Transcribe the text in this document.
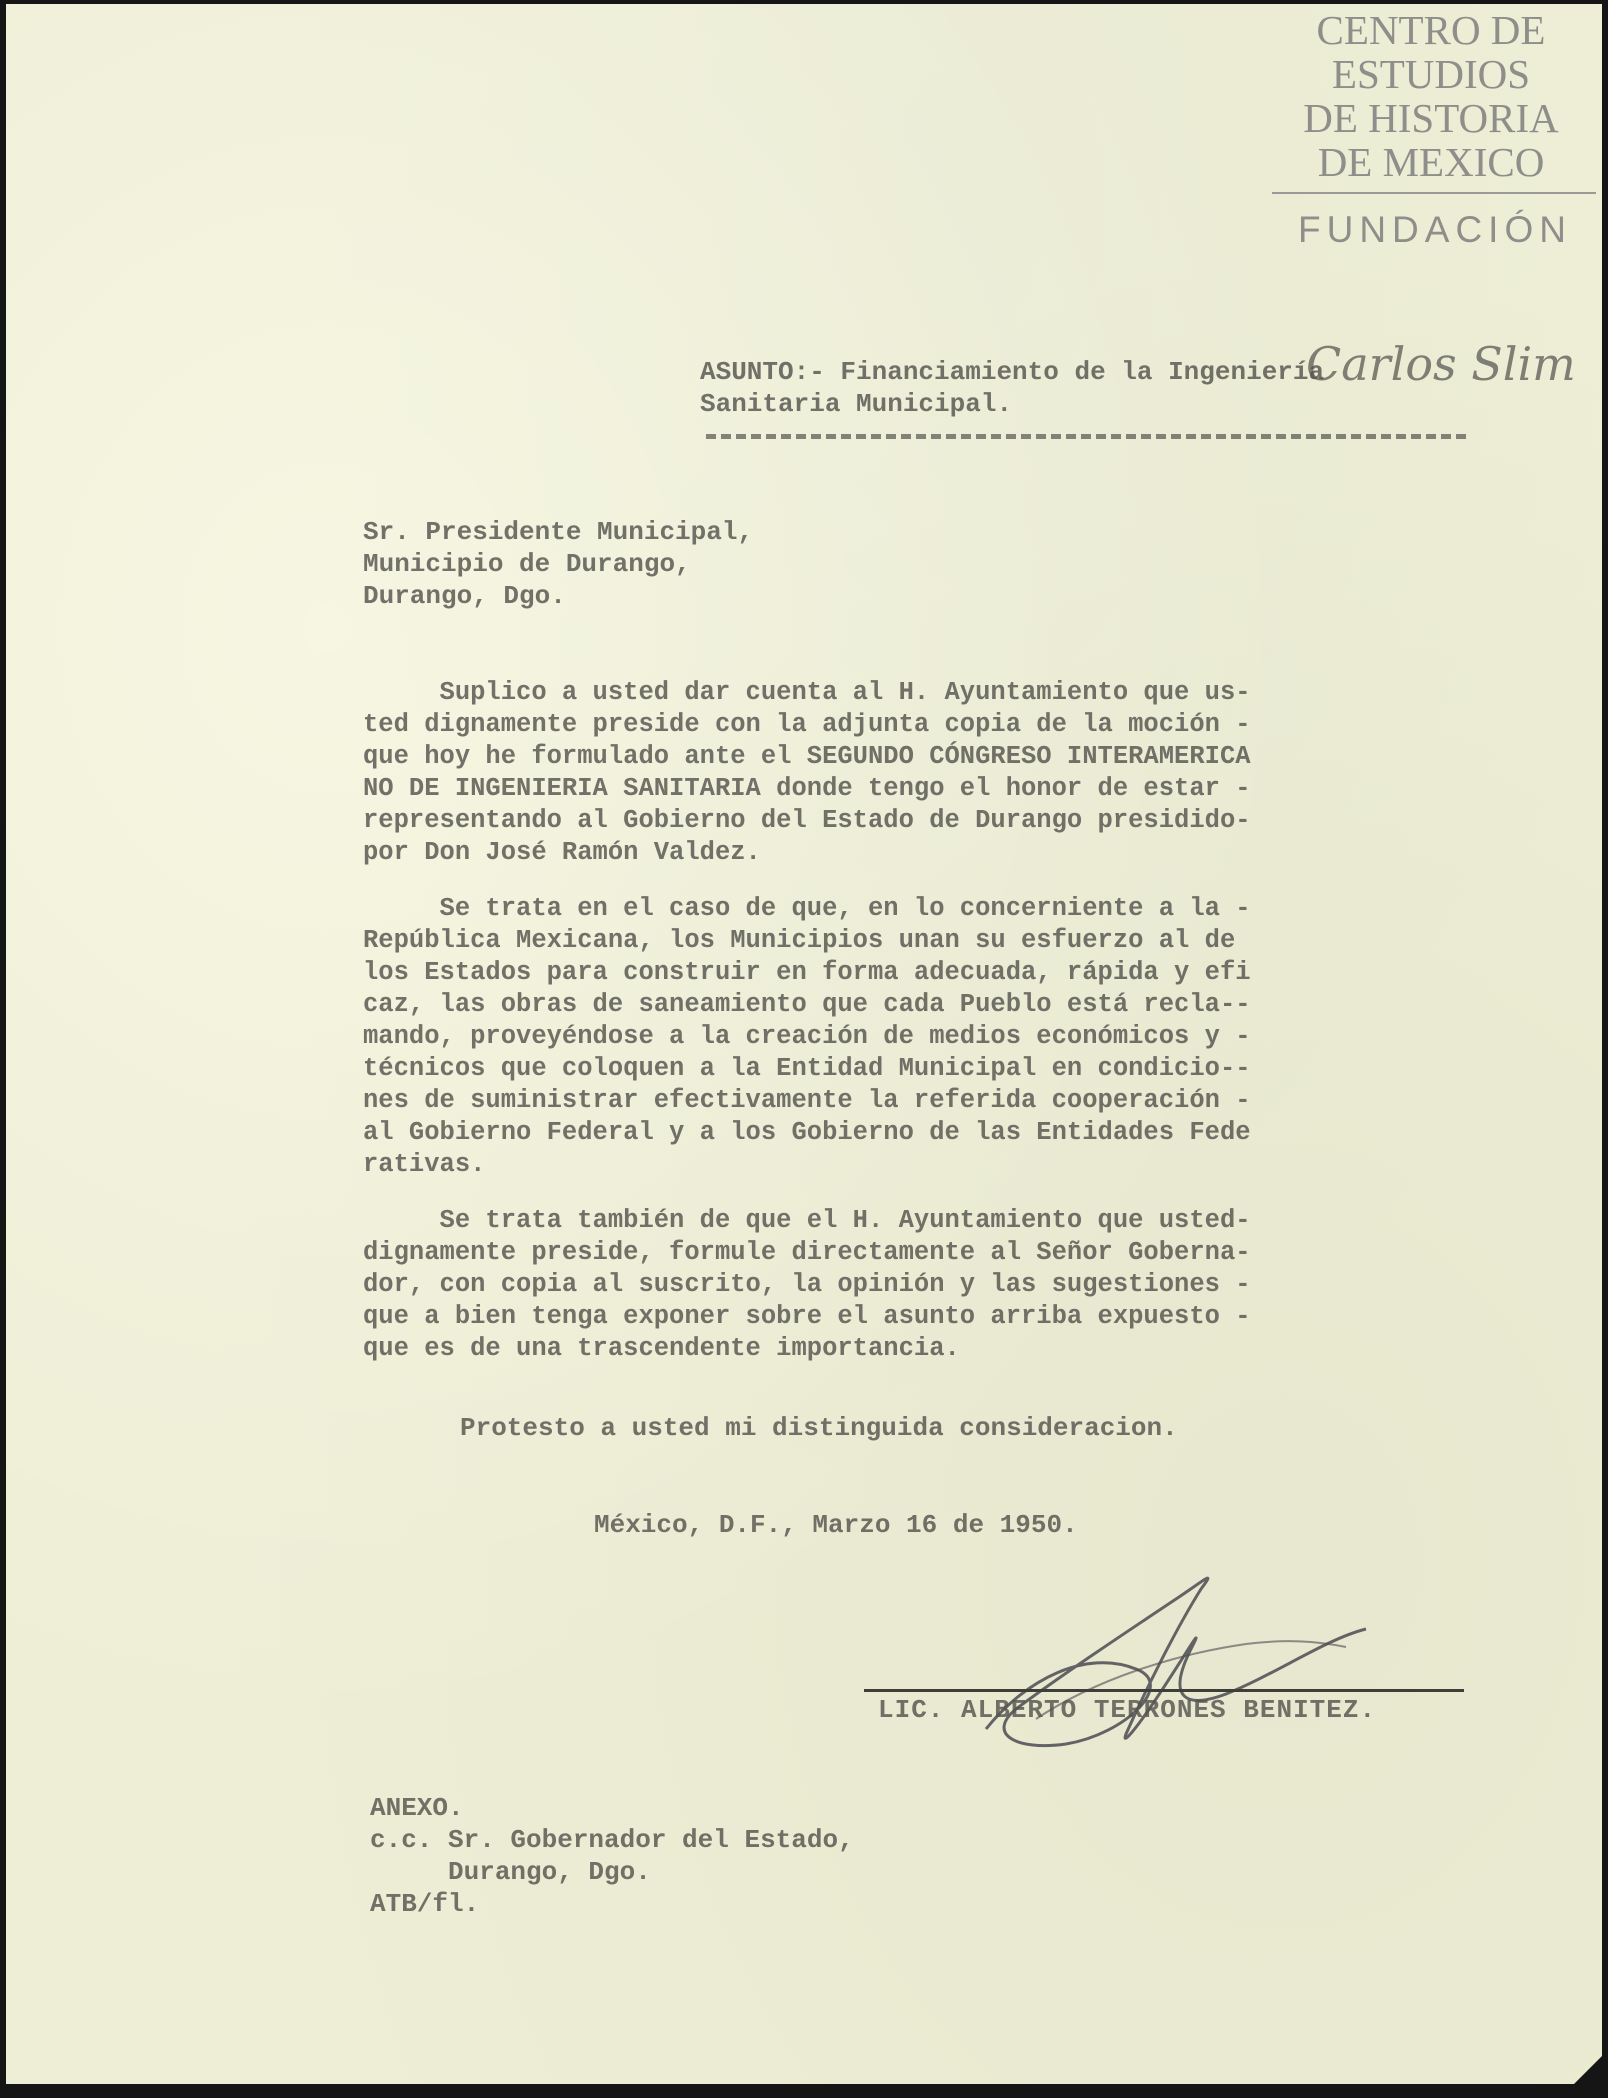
CENTRO DE
ESTUDIOS
DE HISTORIA
DE MEXICO
FUNDACIÓN
Carlos Slim
ASUNTO:- Financiamiento de la Ingeniería
Sanitaria Municipal.
Sr. Presidente Municipal,
Municipio de Durango,
Durango, Dgo.
Suplico a usted dar cuenta al H. Ayuntamiento que us-
ted dignamente preside con la adjunta copia de la moción -
que hoy he formulado ante el SEGUNDO CÓNGRESO INTERAMERICA
NO DE INGENIERIA SANITARIA donde tengo el honor de estar -
representando al Gobierno del Estado de Durango presidido-
por Don José Ramón Valdez.
Se trata en el caso de que, en lo concerniente a la -
República Mexicana, los Municipios unan su esfuerzo al de
los Estados para construir en forma adecuada, rápida y efi
caz, las obras de saneamiento que cada Pueblo está recla--
mando, proveyéndose a la creación de medios económicos y -
técnicos que coloquen a la Entidad Municipal en condicio--
nes de suministrar efectivamente la referida cooperación -
al Gobierno Federal y a los Gobierno de las Entidades Fede
rativas.
Se trata también de que el H. Ayuntamiento que usted-
dignamente preside, formule directamente al Señor Goberna-
dor, con copia al suscrito, la opinión y las sugestiones -
que a bien tenga exponer sobre el asunto arriba expuesto -
que es de una trascendente importancia.
Protesto a usted mi distinguida consideracion.
México, D.F., Marzo 16 de 1950.
LIC. ALBERTO TERRONES BENITEZ.
ANEXO.
c.c. Sr. Gobernador del Estado,
Durango, Dgo.
ATB/fl.
